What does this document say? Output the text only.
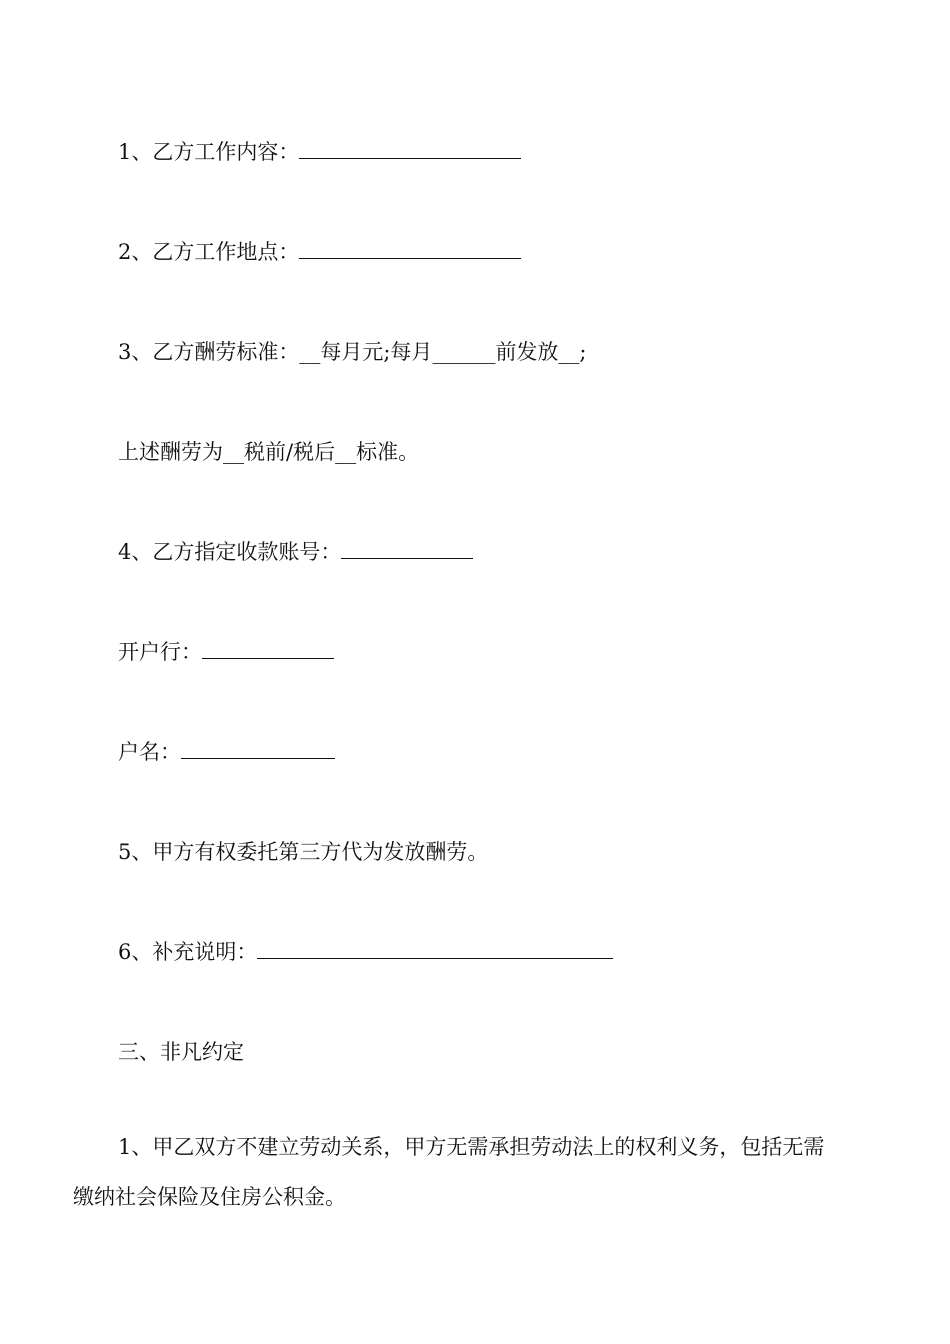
1、乙方工作内容：
2、乙方工作地点：
3、乙方酬劳标准：__每月元;每月______前发放__;
上述酬劳为__税前/税后__标准。
4、乙方指定收款账号：
开户行：
户名：
5、甲方有权委托第三方代为发放酬劳。
6、补充说明：
三、非凡约定
1、甲乙双方不建立劳动关系，甲方无需承担劳动法上的权利义务，包括无需
缴纳社会保险及住房公积金。
